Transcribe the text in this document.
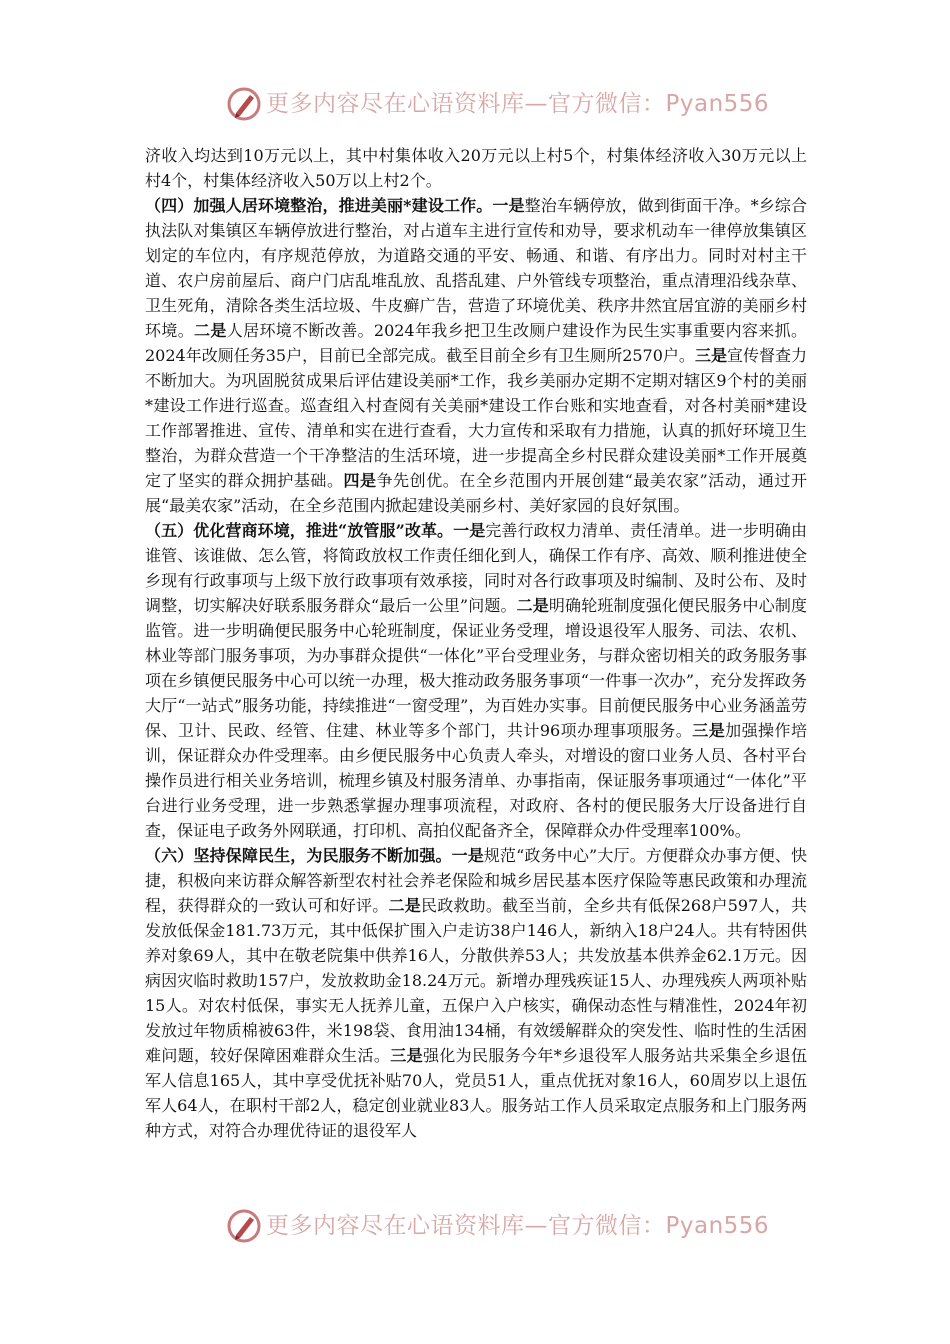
更多内容尽在心语资料库—官方微信：Pyan556

济收入均达到10万元以上，其中村集体收入20万元以上村5个，村集体经济收入30万元以上村4个，村集体经济收入50万以上村2个。

（四）加强人居环境整治，推进美丽*建设工作。一是整治车辆停放，做到街面干净。*乡综合执法队对集镇区车辆停放进行整治，对占道车主进行宣传和劝导，要求机动车一律停放集镇区划定的车位内，有序规范停放，为道路交通的平安、畅通、和谐、有序出力。同时对村主干道、农户房前屋后、商户门店乱堆乱放、乱搭乱建、户外管线专项整治，重点清理沿线杂草、卫生死角，清除各类生活垃圾、牛皮癣广告，营造了环境优美、秩序井然宜居宜游的美丽乡村环境。二是人居环境不断改善。2024年我乡把卫生改厕户建设作为民生实事重要内容来抓。2024年改厕任务35户，目前已全部完成。截至目前全乡有卫生厕所2570户。三是宣传督查力不断加大。为巩固脱贫成果后评估建设美丽*工作，我乡美丽办定期不定期对辖区9个村的美丽*建设工作进行巡查。巡查组入村查阅有关美丽*建设工作台账和实地查看，对各村美丽*建设工作部署推进、宣传、清单和实在进行查看，大力宣传和采取有力措施，认真的抓好环境卫生整治，为群众营造一个干净整洁的生活环境，进一步提高全乡村民群众建设美丽*工作开展奠定了坚实的群众拥护基础。四是争先创优。在全乡范围内开展创建“最美农家”活动，通过开展“最美农家”活动，在全乡范围内掀起建设美丽乡村、美好家园的良好氛围。

（五）优化营商环境，推进“放管服”改革。一是完善行政权力清单、责任清单。进一步明确由谁管、该谁做、怎么管，将简政放权工作责任细化到人，确保工作有序、高效、顺利推进使全乡现有行政事项与上级下放行政事项有效承接，同时对各行政事项及时编制、及时公布、及时调整，切实解决好联系服务群众“最后一公里”问题。二是明确轮班制度强化便民服务中心制度监管。进一步明确便民服务中心轮班制度，保证业务受理，增设退役军人服务、司法、农机、林业等部门服务事项，为办事群众提供“一体化”平台受理业务，与群众密切相关的政务服务事项在乡镇便民服务中心可以统一办理，极大推动政务服务事项“一件事一次办”，充分发挥政务大厅“一站式”服务功能，持续推进“一窗受理”，为百姓办实事。目前便民服务中心业务涵盖劳保、卫计、民政、经管、住建、林业等多个部门，共计96项办理事项服务。三是加强操作培训，保证群众办件受理率。由乡便民服务中心负责人牵头，对增设的窗口业务人员、各村平台操作员进行相关业务培训，梳理乡镇及村服务清单、办事指南，保证服务事项通过“一体化”平台进行业务受理，进一步熟悉掌握办理事项流程，对政府、各村的便民服务大厅设备进行自查，保证电子政务外网联通，打印机、高拍仪配备齐全，保障群众办件受理率100%。

（六）坚持保障民生，为民服务不断加强。一是规范“政务中心”大厅。方便群众办事方便、快捷，积极向来访群众解答新型农村社会养老保险和城乡居民基本医疗保险等惠民政策和办理流程，获得群众的一致认可和好评。二是民政救助。截至当前，全乡共有低保268户597人，共发放低保金181.73万元，其中低保扩围入户走访38户146人，新纳入18户24人。共有特困供养对象69人，其中在敬老院集中供养16人，分散供养53人；共发放基本供养金62.1万元。因病因灾临时救助157户，发放救助金18.24万元。新增办理残疾证15人、办理残疾人两项补贴15人。对农村低保，事实无人抚养儿童，五保户入户核实，确保动态性与精准性，2024年初发放过年物质棉被63件，米198袋、食用油134桶，有效缓解群众的突发性、临时性的生活困难问题，较好保障困难群众生活。三是强化为民服务今年*乡退役军人服务站共采集全乡退伍军人信息165人，其中享受优抚补贴70人，党员51人，重点优抚对象16人，60周岁以上退伍军人64人，在职村干部2人，稳定创业就业83人。服务站工作人员采取定点服务和上门服务两种方式，对符合办理优待证的退役军人

更多内容尽在心语资料库—官方微信：Pyan556
